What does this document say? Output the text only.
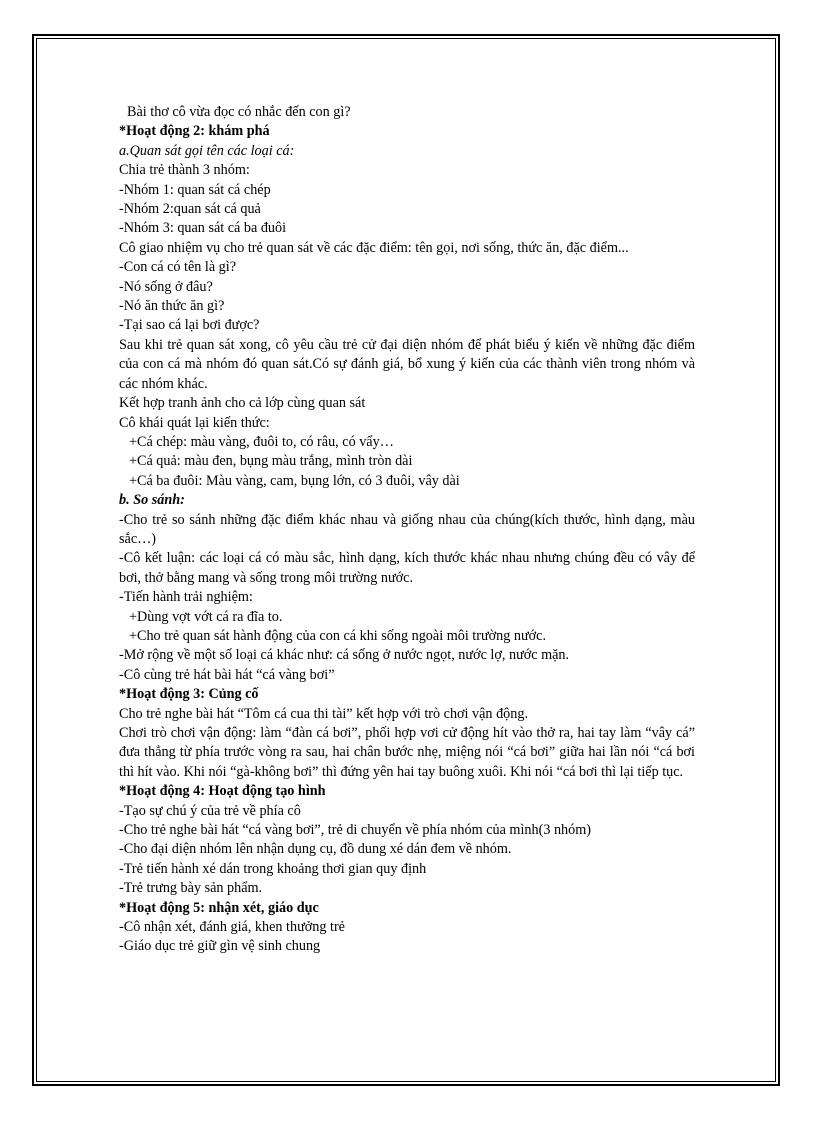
Bài thơ cô vừa đọc có nhắc đến con gì?

*Hoạt động 2: khám phá

a.Quan sát gọi tên các loại cá:

Chia trẻ thành 3 nhóm:

-Nhóm 1: quan sát cá chép

-Nhóm 2:quan sát cá quả

-Nhóm 3: quan sát cá ba đuôi

Cô giao nhiệm vụ cho trẻ quan sát về các đặc điểm: tên gọi, nơi sống, thức ăn, đặc điểm...

-Con cá có tên là gì?

-Nó sống ở đâu?

-Nó ăn thức ăn gì?

-Tại sao cá lại bơi được?

Sau khi trẻ quan sát xong, cô yêu cầu trẻ cử đại diện nhóm để phát biểu ý kiến về những đặc điểm của con cá mà nhóm đó quan sát.Có sự đánh giá, bổ xung ý kiến của các thành viên trong nhóm và các nhóm khác.

Kết hợp tranh ảnh cho cả lớp cùng quan sát

Cô khái quát lại kiến thức:

+Cá chép: màu vàng, đuôi to, có râu, có vẩy…

+Cá quả: màu đen, bụng màu trắng, mình tròn dài

+Cá ba đuôi: Màu vàng, cam, bụng lớn, có 3 đuôi, vây dài

b. So sánh:

-Cho trẻ so sánh những đặc điểm khác nhau và giống nhau của chúng(kích thước, hình dạng, màu sắc…)

-Cô kết luận: các loại cá có màu sắc, hình dạng, kích thước khác nhau nhưng chúng đều có vây để bơi, thở bằng mang và sống trong môi trường nước.

-Tiến hành trải nghiệm:

+Dùng vợt vớt cá ra đĩa to.

+Cho trẻ quan sát hành động của con cá khi sống ngoài môi trường nước.

-Mở rộng về một số loại cá khác như: cá sống ở nước ngọt, nước lợ, nước mặn.

-Cô cùng trẻ hát bài hát “cá vàng bơi”

*Hoạt động 3: Củng cố

Cho trẻ nghe bài hát “Tôm cá cua thi tài” kết hợp với trò chơi vận động.

Chơi trò chơi vận động: làm “đàn cá bơi”, phối hợp vơi cử động hít vào thở ra, hai tay làm “vây cá” đưa thẳng từ phía trước vòng ra sau, hai chân bước nhẹ, miệng nói “cá bơi” giữa hai lần nói “cá bơi thì hít vào. Khi nói “gà-không bơi” thì đứng yên hai tay buông xuôi. Khi nói “cá bơi thì lại tiếp tục.

*Hoạt động 4: Hoạt động tạo hình

-Tạo sự chú ý của trẻ về phía cô

-Cho trẻ nghe bài hát “cá vàng bơi”, trẻ di chuyển về phía nhóm của mình(3 nhóm)

-Cho đại diện nhóm lên nhận dụng cụ, đồ dung xé dán đem về nhóm.

-Trẻ tiến hành xé dán trong khoảng thơi gian quy định

-Trẻ trưng bày sản phẩm.

*Hoạt động 5: nhận xét, giáo dục

-Cô nhận xét, đánh giá, khen thưởng trẻ

-Giáo dục trẻ giữ gìn vệ sinh chung
